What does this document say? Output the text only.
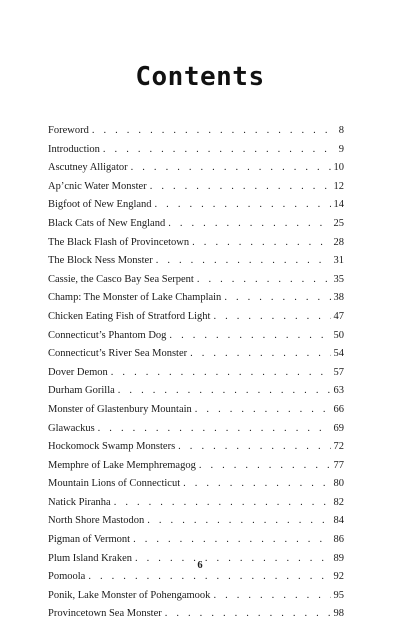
Contents
Foreword . . .	8
Introduction . . .	9
Ascutney Alligator . . .	10
Ap’cnic Water Monster . . .	12
Bigfoot of New England . . .	14
Black Cats of New England . . .	25
The Black Flash of Provincetown . . .	28
The Block Ness Monster . . .	31
Cassie, the Casco Bay Sea Serpent . . .	35
Champ: The Monster of Lake Champlain . . .	38
Chicken Eating Fish of Stratford Light . . .	47
Connecticut’s Phantom Dog . . .	50
Connecticut’s River Sea Monster . . .	54
Dover Demon . . .	57
Durham Gorilla . . .	63
Monster of Glastenbury Mountain . . .	66
Glawackus . . .	69
Hockomock Swamp Monsters . . .	72
Memphre of Lake Memphremagog . . .	77
Mountain Lions of Connecticut . . .	80
Natick Piranha . . .	82
North Shore Mastodon . . .	84
Pigman of Vermont . . .	86
Plum Island Kraken . . .	89
Pomoola . . .	92
Ponik, Lake Monster of Pohengamook . . .	95
Provincetown Sea Monster . . .	98
6
